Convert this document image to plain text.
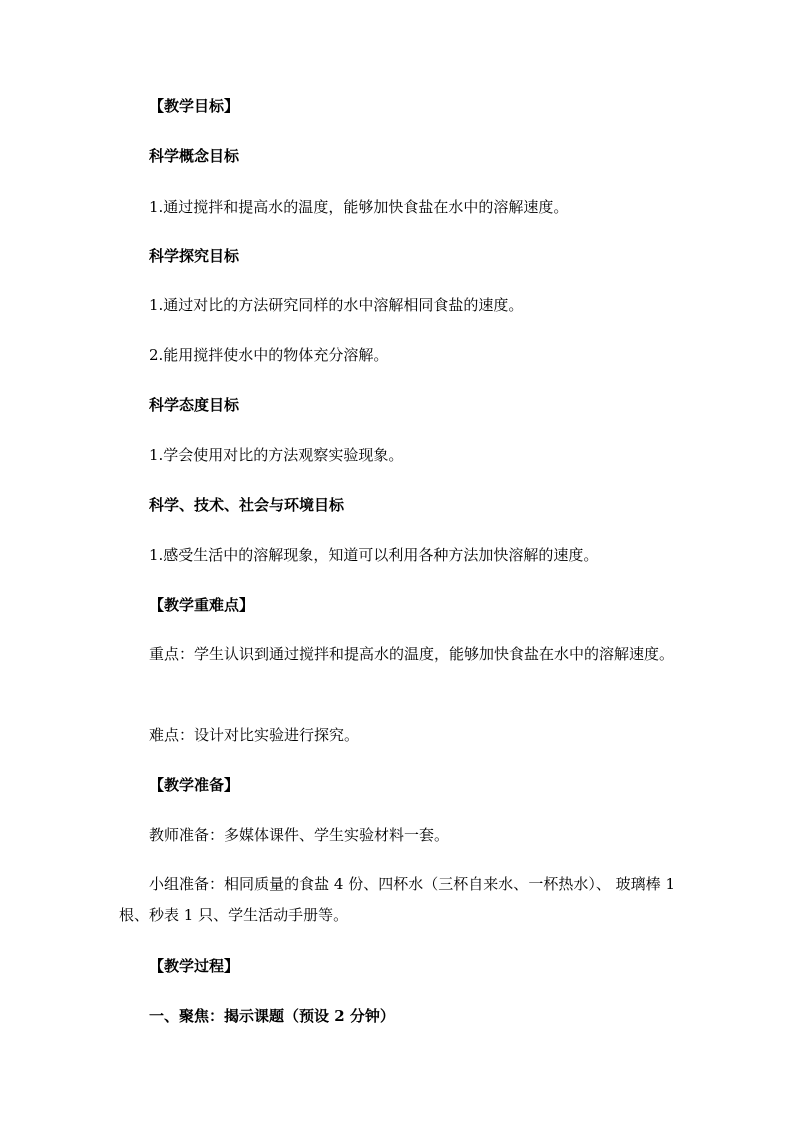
【教学目标】
科学概念目标
1.通过搅拌和提高水的温度，能够加快食盐在水中的溶解速度。
科学探究目标
1.通过对比的方法研究同样的水中溶解相同食盐的速度。
2.能用搅拌使水中的物体充分溶解。
科学态度目标
1.学会使用对比的方法观察实验现象。
科学、技术、社会与环境目标
1.感受生活中的溶解现象，知道可以利用各种方法加快溶解的速度。
【教学重难点】
重点：学生认识到通过搅拌和提高水的温度，能够加快食盐在水中的溶解速度。
难点：设计对比实验进行探究。
【教学准备】
教师准备：多媒体课件、学生实验材料一套。
小组准备：相同质量的食盐 4 份、四杯水（三杯自来水、一杯热水）、 玻璃棒 1 根、秒表 1 只、学生活动手册等。
【教学过程】
一、聚焦：揭示课题（预设 2 分钟）
